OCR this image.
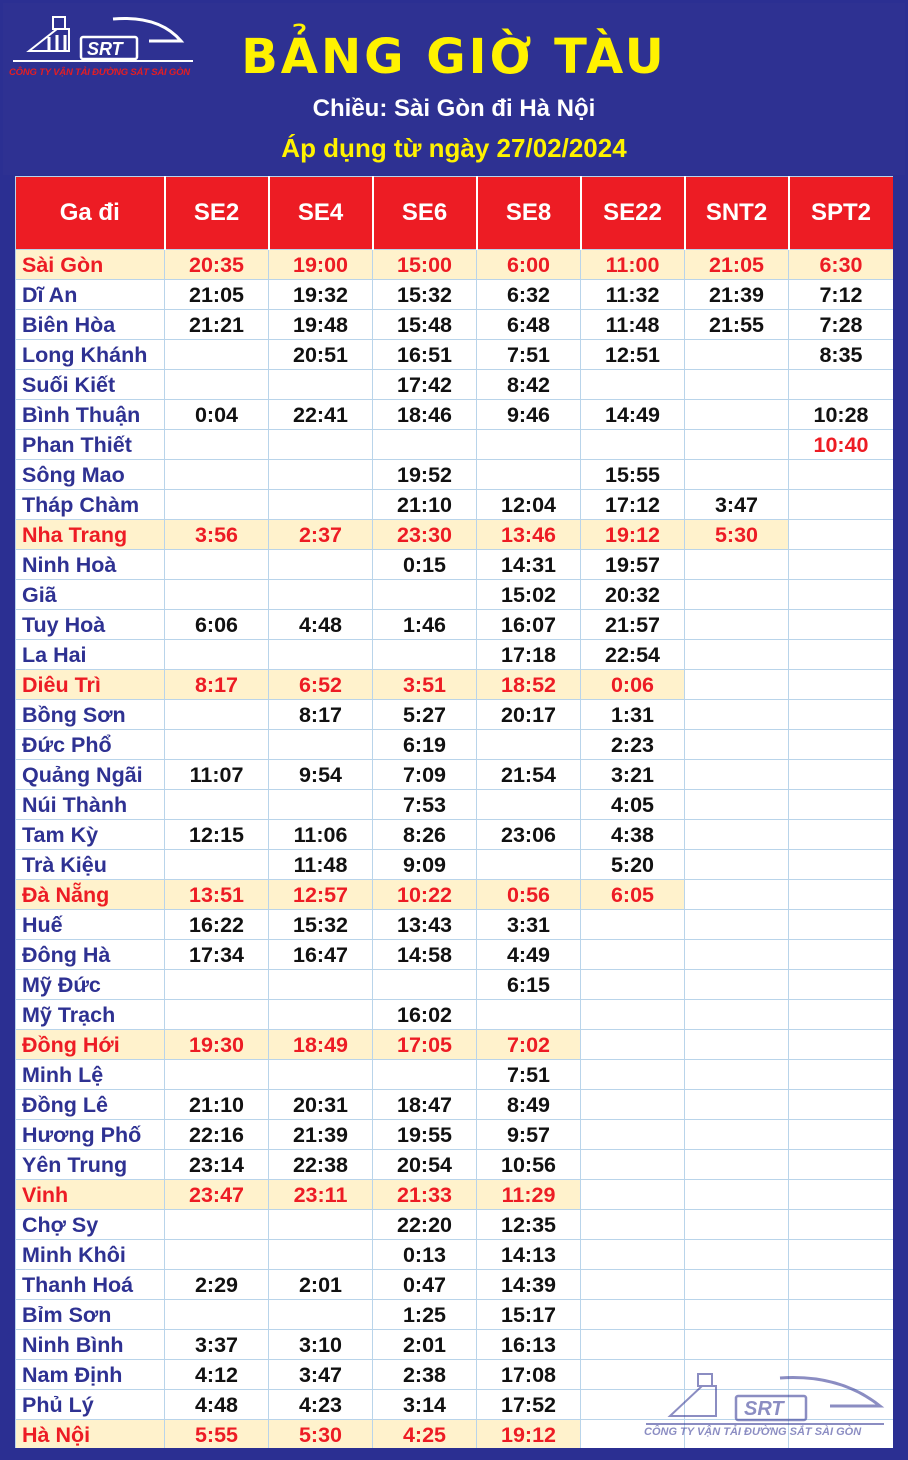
SRT
CÔNG TY VẬN TẢI ĐƯỜNG SẮT SÀI GÒN	BẢNG GIỜ TÀU
Chiều: Sài Gòn đi Hà Nội
Áp dụng từ ngày 27/02/2024
Ga đi	SE2	SE4	SE6	SE8	SE22	SNT2	SPT2
Sài Gòn	20:35	19:00	15:00	6:00	11:00	21:05	6:30
Dĩ An	21:05	19:32	15:32	6:32	11:32	21:39	7:12
Biên Hòa	21:21	19:48	15:48	6:48	11:48	21:55	7:28
Long Khánh		20:51	16:51	7:51	12:51		8:35
Suối Kiết			17:42	8:42			
Bình Thuận	0:04	22:41	18:46	9:46	14:49		10:28
Phan Thiết							10:40
Sông Mao			19:52		15:55		
Tháp Chàm			21:10	12:04	17:12	3:47	
Nha Trang	3:56	2:37	23:30	13:46	19:12	5:30	
Ninh Hoà			0:15	14:31	19:57		
Giã				15:02	20:32		
Tuy Hoà	6:06	4:48	1:46	16:07	21:57		
La Hai				17:18	22:54		
Diêu Trì	8:17	6:52	3:51	18:52	0:06		
Bồng Sơn		8:17	5:27	20:17	1:31		
Đức Phổ			6:19		2:23		
Quảng Ngãi	11:07	9:54	7:09	21:54	3:21		
Núi Thành			7:53		4:05		
Tam Kỳ	12:15	11:06	8:26	23:06	4:38		
Trà Kiệu		11:48	9:09		5:20		
Đà Nẵng	13:51	12:57	10:22	0:56	6:05		
Huế	16:22	15:32	13:43	3:31			
Đông Hà	17:34	16:47	14:58	4:49			
Mỹ Đức				6:15			
Mỹ Trạch			16:02				
Đồng Hới	19:30	18:49	17:05	7:02			
Minh Lệ				7:51			
Đồng Lê	21:10	20:31	18:47	8:49			
Hương Phố	22:16	21:39	19:55	9:57			
Yên Trung	23:14	22:38	20:54	10:56			
Vinh	23:47	23:11	21:33	11:29			
Chợ Sy			22:20	12:35			
Minh Khôi			0:13	14:13			
Thanh Hoá	2:29	2:01	0:47	14:39			
Bỉm Sơn			1:25	15:17			
Ninh Bình	3:37	3:10	2:01	16:13			
Nam Định	4:12	3:47	2:38	17:08			
Phủ Lý	4:48	4:23	3:14	17:52			
Hà Nội	5:55	5:30	4:25	19:12			
SRT
CÔNG TY VẬN TẢI ĐƯỜNG SẮT SÀI GÒN
